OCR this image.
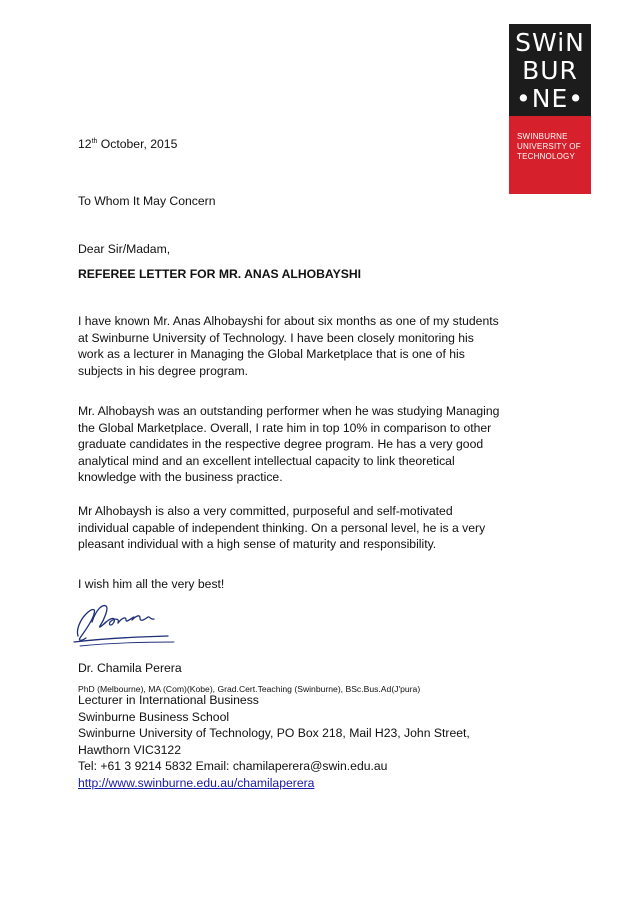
SWiN
BUR
•NE•
SWINBURNE
UNIVERSITY OF
TECHNOLOGY
12th October, 2015
To Whom It May Concern
Dear Sir/Madam,
REFEREE LETTER FOR MR. ANAS ALHOBAYSHI
I have known Mr. Anas Alhobayshi for about six months as one of my students
at Swinburne University of Technology. I have been closely monitoring his
work as a lecturer in Managing the Global Marketplace that is one of his
subjects in his degree program.
Mr. Alhobaysh was an outstanding performer when he was studying Managing
the Global Marketplace. Overall, I rate him in top 10% in comparison to other
graduate candidates in the respective degree program. He has a very good
analytical mind and an excellent intellectual capacity to link theoretical
knowledge with the business practice.
Mr Alhobaysh is also a very committed, purposeful and self-motivated
individual capable of independent thinking. On a personal level, he is a very
pleasant individual with a high sense of maturity and responsibility.
I wish him all the very best!
Dr. Chamila Perera
PhD (Melbourne), MA (Com)(Kobe), Grad.Cert.Teaching (Swinburne), BSc.Bus.Ad(J'pura)
Lecturer in International Business
Swinburne Business School
Swinburne University of Technology, PO Box 218, Mail H23, John Street,
Hawthorn VIC3122
Tel: +61 3 9214 5832 Email: chamilaperera@swin.edu.au
http://www.swinburne.edu.au/chamilaperera
